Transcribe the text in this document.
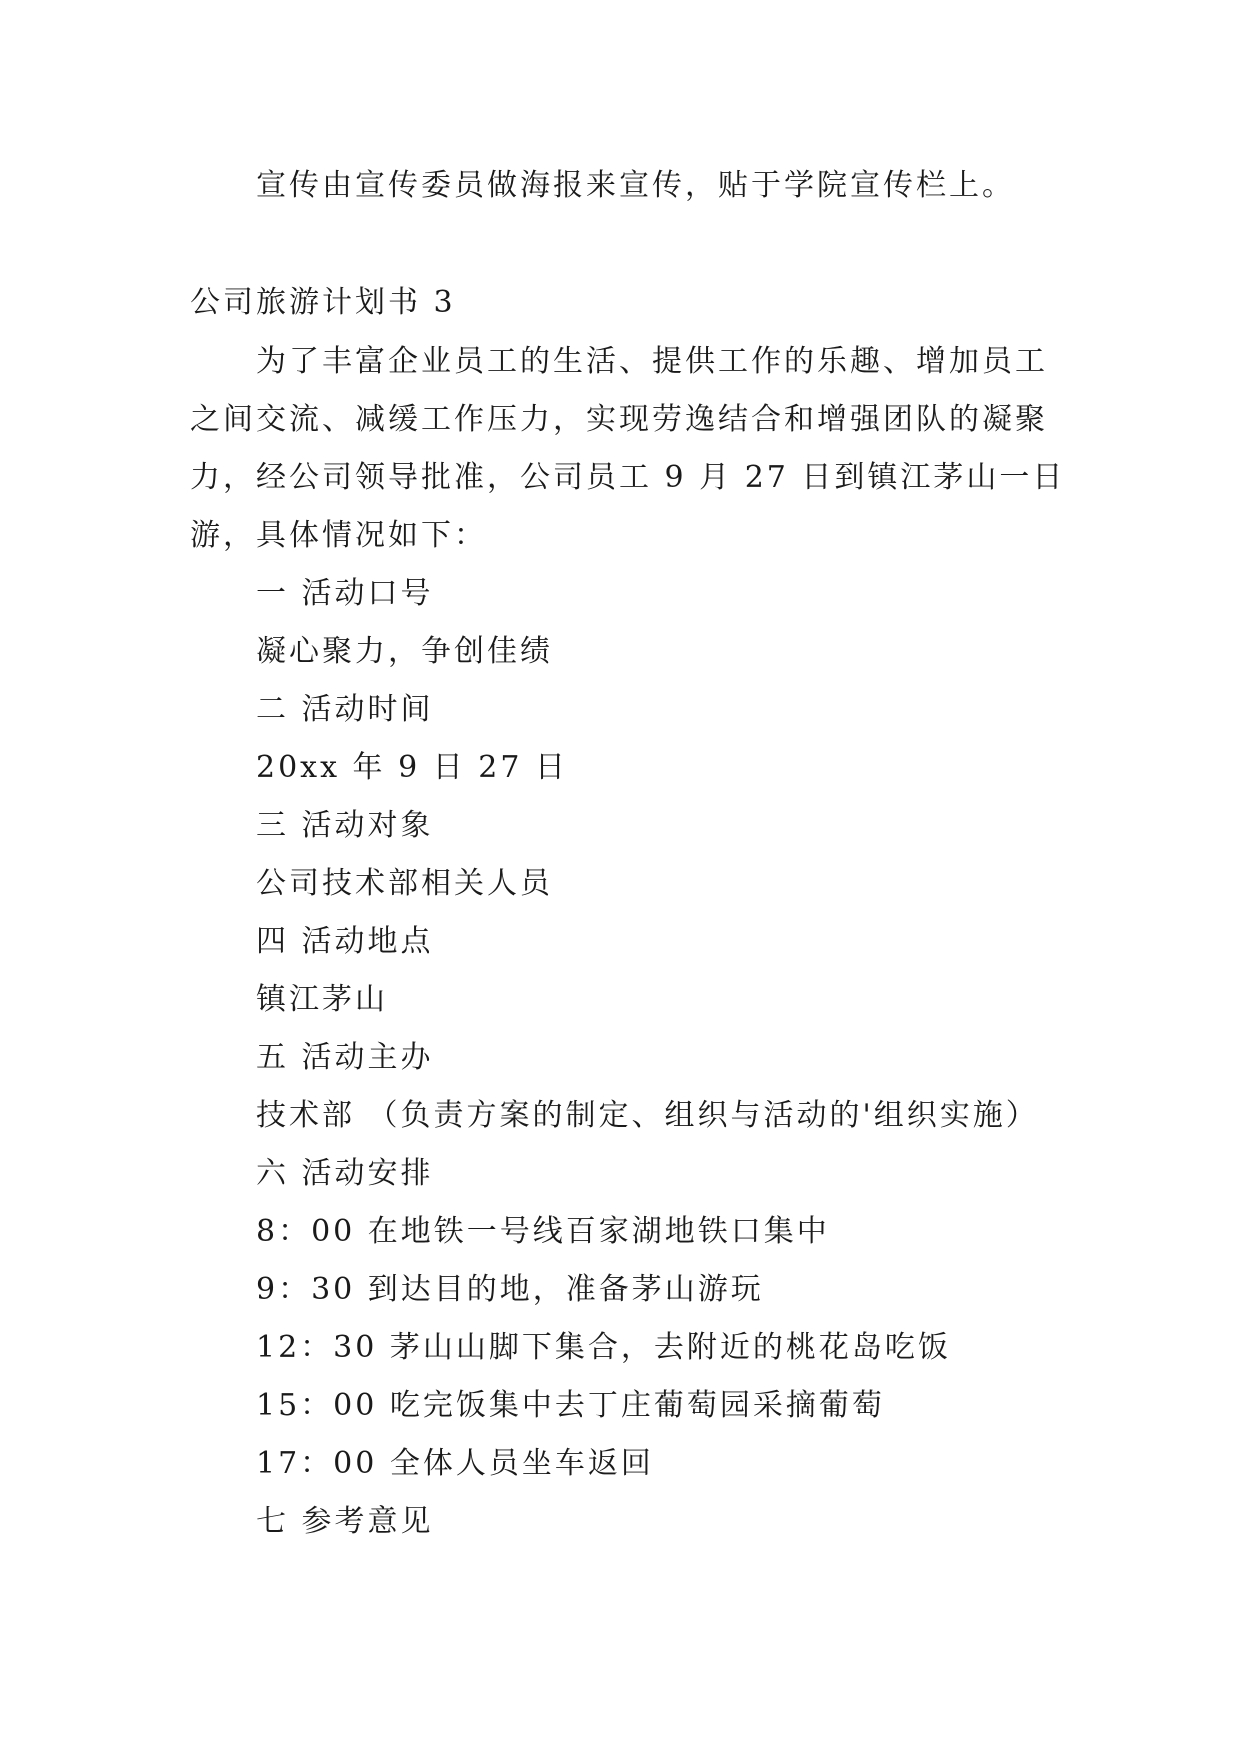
宣传由宣传委员做海报来宣传，贴于学院宣传栏上。
公司旅游计划书 3
为了丰富企业员工的生活、提供工作的乐趣、增加员工
之间交流、减缓工作压力，实现劳逸结合和增强团队的凝聚
力，经公司领导批准，公司员工 9 月 27 日到镇江茅山一日
游，具体情况如下：
一 活动口号
凝心聚力，争创佳绩
二 活动时间
20xx 年 9 日 27 日
三 活动对象
公司技术部相关人员
四 活动地点
镇江茅山
五 活动主办
技术部 （负责方案的制定、组织与活动的'组织实施）
六 活动安排
8：00 在地铁一号线百家湖地铁口集中
9：30 到达目的地，准备茅山游玩
12：30 茅山山脚下集合，去附近的桃花岛吃饭
15：00 吃完饭集中去丁庄葡萄园采摘葡萄
17：00 全体人员坐车返回
七 参考意见
